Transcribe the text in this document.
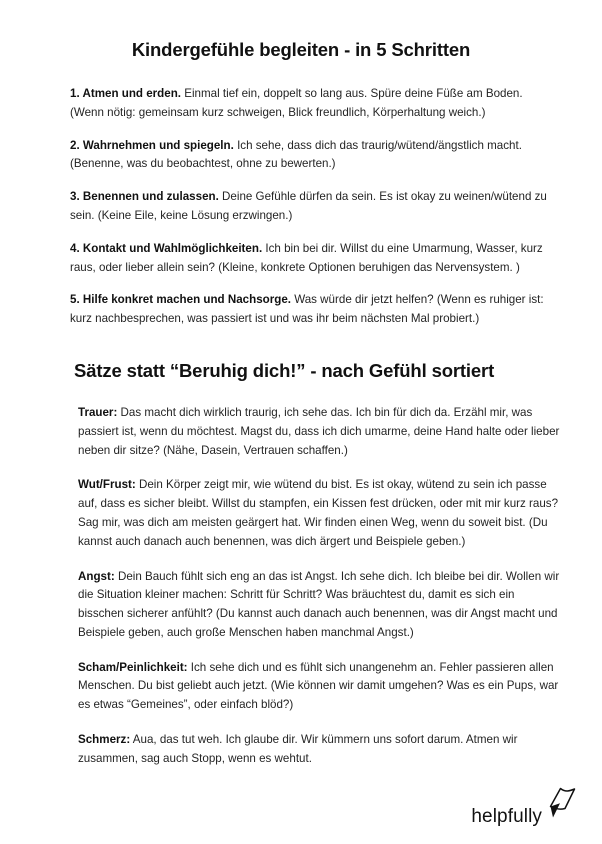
Kindergefühle begleiten - in 5 Schritten

1. Atmen und erden. Einmal tief ein, doppelt so lang aus. Spüre deine Füße am Boden. (Wenn nötig: gemeinsam kurz schweigen, Blick freundlich, Körperhaltung weich.)

2. Wahrnehmen und spiegeln. Ich sehe, dass dich das traurig/wütend/ängstlich macht. (Benenne, was du beobachtest, ohne zu bewerten.)

3. Benennen und zulassen. Deine Gefühle dürfen da sein. Es ist okay zu weinen/wütend zu sein. (Keine Eile, keine Lösung erzwingen.)

4. Kontakt und Wahlmöglichkeiten. Ich bin bei dir. Willst du eine Umarmung, Wasser, kurz raus, oder lieber allein sein? (Kleine, konkrete Optionen beruhigen das Nervensystem. )

5. Hilfe konkret machen und Nachsorge. Was würde dir jetzt helfen? (Wenn es ruhiger ist: kurz nachbesprechen, was passiert ist und was ihr beim nächsten Mal probiert.)

Sätze statt “Beruhig dich!” - nach Gefühl sortiert

Trauer: Das macht dich wirklich traurig, ich sehe das. Ich bin für dich da. Erzähl mir, was passiert ist, wenn du möchtest. Magst du, dass ich dich umarme, deine Hand halte oder lieber neben dir sitze? (Nähe, Dasein, Vertrauen schaffen.)

Wut/Frust: Dein Körper zeigt mir, wie wütend du bist. Es ist okay, wütend zu sein ich passe auf, dass es sicher bleibt. Willst du stampfen, ein Kissen fest drücken, oder mit mir kurz raus? Sag mir, was dich am meisten geärgert hat. Wir finden einen Weg, wenn du soweit bist. (Du kannst auch danach auch benennen, was dich ärgert und Beispiele geben.)

Angst: Dein Bauch fühlt sich eng an das ist Angst. Ich sehe dich. Ich bleibe bei dir. Wollen wir die Situation kleiner machen: Schritt für Schritt? Was bräuchtest du, damit es sich ein bisschen sicherer anfühlt? (Du kannst auch danach auch benennen, was dir Angst macht und Beispiele geben, auch große Menschen haben manchmal Angst.)

Scham/Peinlichkeit: Ich sehe dich und es fühlt sich unangenehm an. Fehler passieren allen Menschen. Du bist geliebt auch jetzt. (Wie können wir damit umgehen? Was es ein Pups, war es etwas “Gemeines”, oder einfach blöd?)

Schmerz: Aua, das tut weh. Ich glaube dir. Wir kümmern uns sofort darum. Atmen wir zusammen, sag auch Stopp, wenn es wehtut.

helpfully
